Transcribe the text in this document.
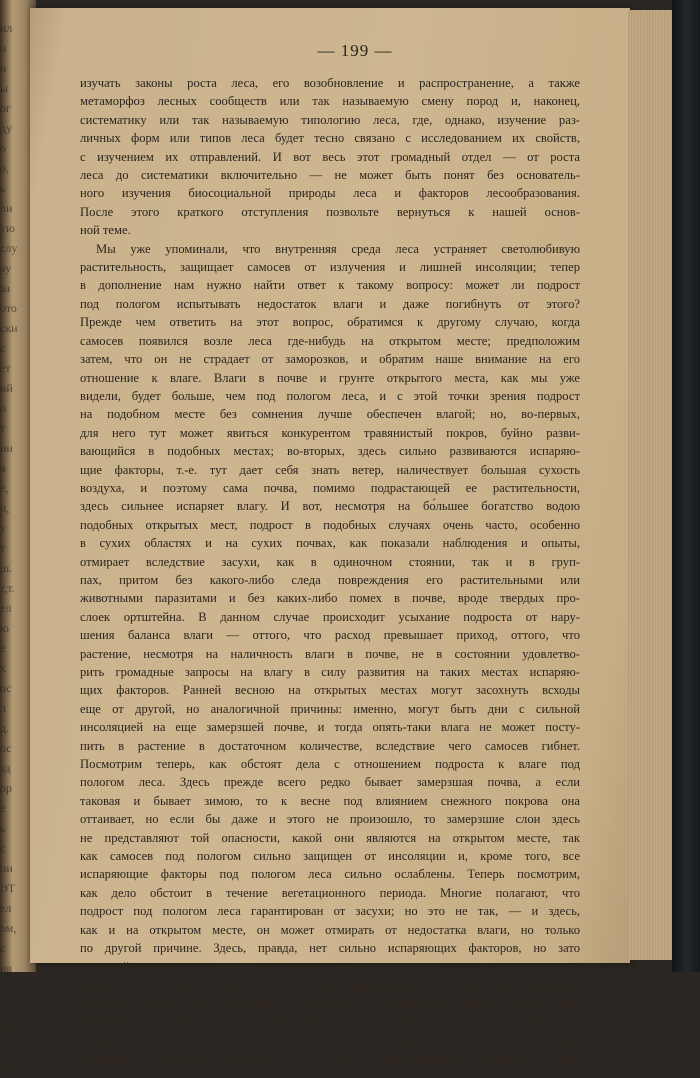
ил
и
н
ы
ог
ду
о
о,
ь
ли
ую
слу
ву
за
ото
ски
с
ет
ий
о
т
ии
я
е,
и,
з
т
ш.
т,т.
ел
ю
е
х
ос
л
д.
ос
зд
ор
е
ь
с
ни
ЭТ
ел
ом,
с
ив
ж
и
Кол
Кн
кр
— 199 —
изучать законы роста леса, его возобновление и распространение, а также
метаморфоз лесных сообществ или так называемую смену пород и, наконец,
систематику или так называемую типологию леса, где, однако, изучение раз-
личных форм или типов леса будет тесно связано с исследованием их свойств,
с изучением их отправлений. И вот весь этот громадный отдел — от роста
леса до систематики включительно — не может быть понят без основатель-
ного изучения биосоциальной природы леса и факторов лесообразования.
После этого краткого отступления позвольте вернуться к нашей основ-
ной теме.
Мы уже упоминали, что внутренняя среда леса устраняет светолюбивую
растительность, защищает самосев от излучения и лишней инсоляции; тепер
в дополнение нам нужно найти ответ к такому вопросу: может ли подрост
под пологом испытывать недостаток влаги и даже погибнуть от этого?
Прежде чем ответить на этот вопрос, обратимся к другому случаю, когда
самосев появился возле леса где-нибудь на открытом месте; предположим
затем, что он не страдает от заморозков, и обратим наше внимание на его
отношение к влаге. Влаги в почве и грунте открытого места, как мы уже
видели, будет больше, чем под пологом леса, и с этой точки зрения подрост
на подобном месте без сомнения лучше обеспечен влагой; но, во-первых,
для него тут может явиться конкурентом травянистый покров, буйно разви-
вающийся в подобных местах; во-вторых, здесь сильно развиваются испаряю-
щие факторы, т.-е. тут дает себя знать ветер, наличествует большая сухость
воздуха, и поэтому сама почва, помимо подрастающей ее растительности,
здесь сильнее испаряет влагу. И вот, несмотря на бо́льшее богатство водою
подобных открытых мест, подрост в подобных случаях очень часто, особенно
в сухих областях и на сухих почвах, как показали наблюдения и опыты,
отмирает вследствие засухи, как в одиночном стоянии, так и в груп-
пах, притом без какого-либо следа повреждения его растительными или
животными паразитами и без каких-либо помех в почве, вроде твердых про-
слоек ортштейна. В данном случае происходит усыхание подроста от нару-
шения баланса влаги — оттого, что расход превышает приход, оттого, что
растение, несмотря на наличность влаги в почве, не в состоянии удовлетво-
рить громадные запросы на влагу в силу развития на таких местах испаряю-
щих факторов. Ранней весною на открытых местах могут засохнуть всходы
еще от другой, но аналогичной причины: именно, могут быть дни с сильной
инсоляцией на еще замерзшей почве, и тогда опять-таки влага не может посту-
пить в растение в достаточном количестве, вследствие чего самосев гибнет.
Посмотрим теперь, как обстоят дела с отношением подроста к влаге под
пологом леса. Здесь прежде всего редко бывает замерзшая почва, а если
таковая и бывает зимою, то к весне под влиянием снежного покрова она
оттаивает, но если бы даже и этого не произошло, то замерзшие слои здесь
не представляют той опасности, какой они являются на открытом месте, так
как самосев под пологом сильно защищен от инсоляции и, кроме того, все
испаряющие факторы под пологом леса сильно ослаблены. Теперь посмотрим,
как дело обстоит в течение вегетационного периода. Многие полагают, что
подрост под пологом леса гарантирован от засухи; но это не так, — и здесь,
как и на открытом месте, он может отмирать от недостатка влаги, но только
по другой причине. Здесь, правда, нет сильно испаряющих факторов, но зато
в самой почве и грунте леса меньше влаги, и по мере развития дождливого
периода и по мере того, как мы будем передвигаться к концу вегетационного
периода, влаги, под влиянием конкуренции материнских корней, будет ста-
новиться все меньше и меньше, так что возможно, и на самом деле это
бывает, что действительно в почве нарушится баланс влаги, но уже не под
влиянием усиленного расхода, а в силу недостаточного количества воды
